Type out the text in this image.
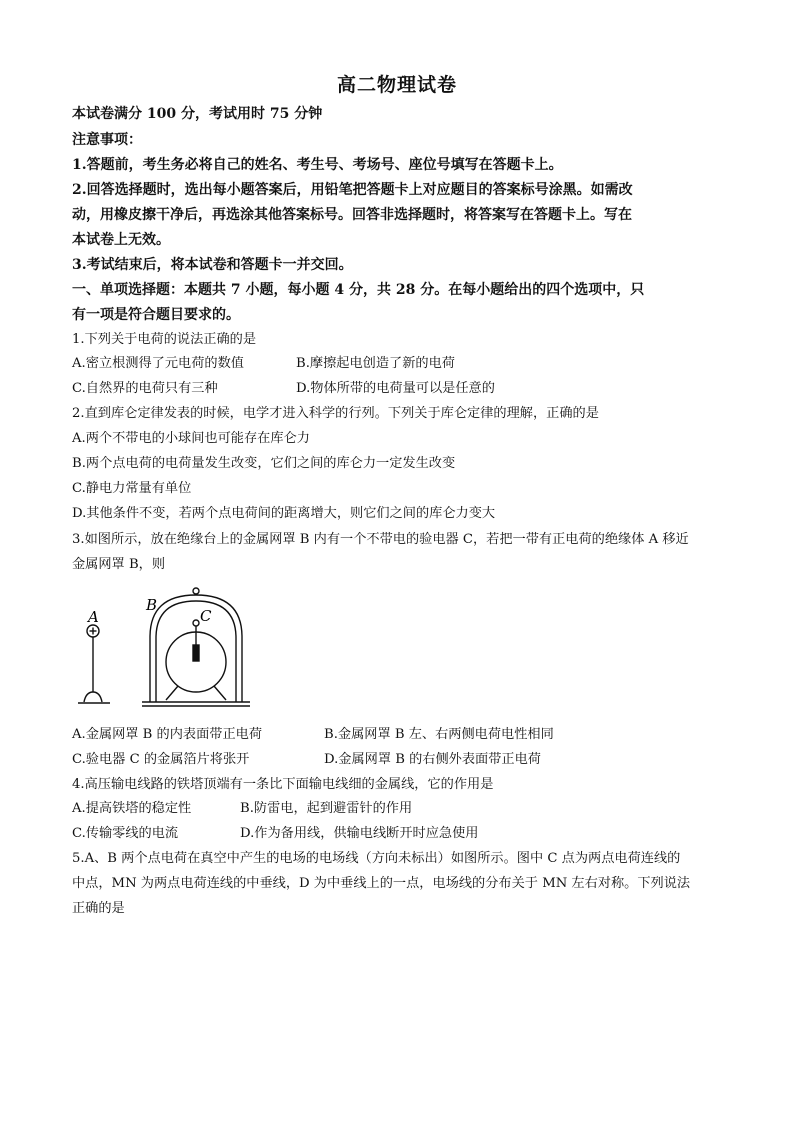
高二物理试卷
本试卷满分 100 分，考试用时 75 分钟
注意事项：
1.答题前，考生务必将自己的姓名、考生号、考场号、座位号填写在答题卡上。
2.回答选择题时，选出每小题答案后，用铅笔把答题卡上对应题目的答案标号涂黑。如需改
动，用橡皮擦干净后，再选涂其他答案标号。回答非选择题时，将答案写在答题卡上。写在
本试卷上无效。
3.考试结束后，将本试卷和答题卡一并交回。
一、单项选择题：本题共 7 小题，每小题 4 分，共 28 分。在每小题给出的四个选项中，只
有一项是符合题目要求的。
1.下列关于电荷的说法正确的是
A.密立根测得了元电荷的数值	B.摩擦起电创造了新的电荷
C.自然界的电荷只有三种	D.物体所带的电荷量可以是任意的
2.直到库仑定律发表的时候，电学才进入科学的行列。下列关于库仑定律的理解，正确的是
A.两个不带电的小球间也可能存在库仑力
B.两个点电荷的电荷量发生改变，它们之间的库仑力一定发生改变
C.静电力常量有单位
D.其他条件不变，若两个点电荷间的距离增大，则它们之间的库仑力变大
3.如图所示，放在绝缘台上的金属网罩 B 内有一个不带电的验电器 C，若把一带有正电荷的绝缘体 A 移近
金属网罩 B，则
A
B
C
A.金属网罩 B 的内表面带正电荷	B.金属网罩 B 左、右两侧电荷电性相同
C.验电器 C 的金属箔片将张开	D.金属网罩 B 的右侧外表面带正电荷
4.高压输电线路的铁塔顶端有一条比下面输电线细的金属线，它的作用是
A.提高铁塔的稳定性	B.防雷电，起到避雷针的作用
C.传输零线的电流	D.作为备用线，供输电线断开时应急使用
5.A、B 两个点电荷在真空中产生的电场的电场线（方向未标出）如图所示。图中 C 点为两点电荷连线的
中点，MN 为两点电荷连线的中垂线，D 为中垂线上的一点，电场线的分布关于 MN 左右对称。下列说法
正确的是
